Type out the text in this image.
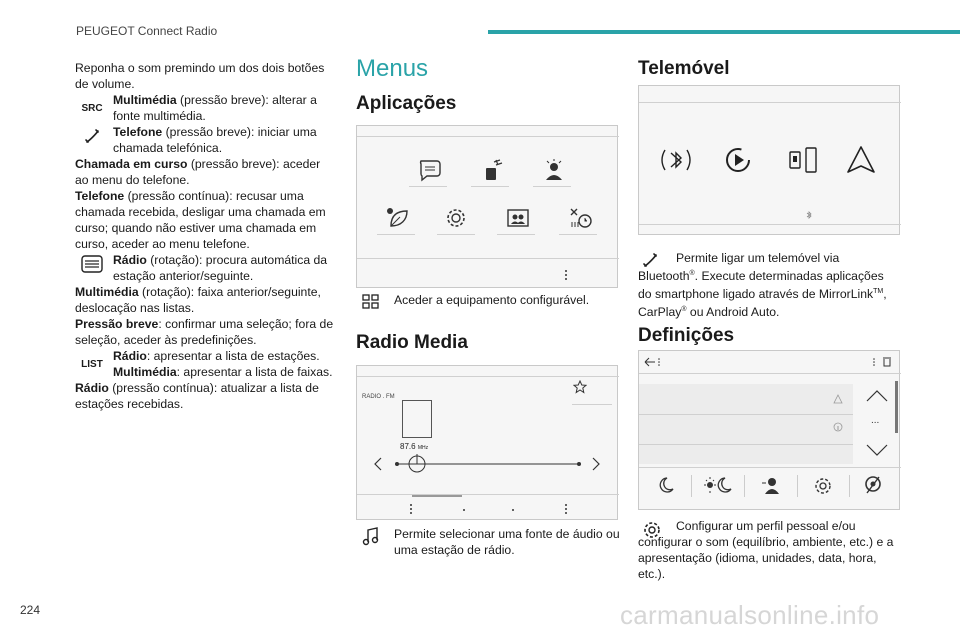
PEUGEOT Connect Radio
224	carmanualsonline.info

Reponha o som premindo um dos dois botões de volume.

SRC

Multimédia (pressão breve): alterar a fonte multimédia.

Telefone (pressão breve): iniciar uma chamada telefónica.

Chamada em curso (pressão breve): aceder ao menu do telefone.

Telefone (pressão contínua): recusar uma chamada recebida, desligar uma chamada em curso; quando não estiver uma chamada em curso, aceder ao menu telefone.

Rádio (rotação): procura automática da estação anterior/seguinte.

Multimédia (rotação): faixa anterior/seguinte, deslocação nas listas.

Pressão breve: confirmar uma seleção; fora de seleção, aceder às predefinições.

LIST

Rádio: apresentar a lista de estações.
Multimédia: apresentar a lista de faixas.

Rádio (pressão contínua): atualizar a lista de estações recebidas.

Menus
Aplicações
Aceder a equipamento configurável.
Radio Media
RADIO . FM
87.6 MHz
Permite selecionar uma fonte de áudio ou uma estação de rádio.
Telemóvel
Permite ligar um telemóvel via Bluetooth®. Execute determinadas aplicações do smartphone ligado através de MirrorLink™, CarPlay® ou Android Auto.
Definições
...
Configurar um perfil pessoal e/ou configurar o som (equilíbrio, ambiente, etc.) e a apresentação (idioma, unidades, data, hora, etc.).
